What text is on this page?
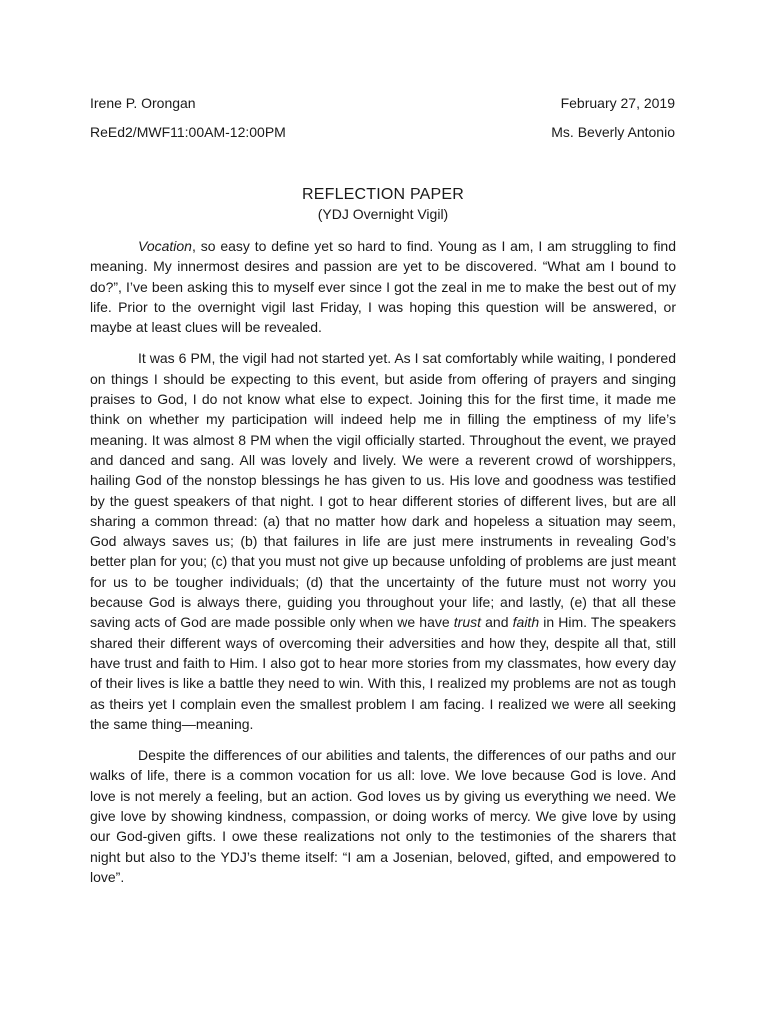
Irene P. Orongan	February 27, 2019
ReEd2/MWF11:00AM-12:00PM	Ms. Beverly Antonio

REFLECTION PAPER

(YDJ Overnight Vigil)

Vocation, so easy to define yet so hard to find. Young as I am, I am struggling to find meaning. My innermost desires and passion are yet to be discovered. “What am I bound to do?”, I’ve been asking this to myself ever since I got the zeal in me to make the best out of my life. Prior to the overnight vigil last Friday, I was hoping this question will be answered, or maybe at least clues will be revealed.

It was 6 PM, the vigil had not started yet. As I sat comfortably while waiting, I pondered on things I should be expecting to this event, but aside from offering of prayers and singing praises to God, I do not know what else to expect. Joining this for the first time, it made me think on whether my participation will indeed help me in filling the emptiness of my life’s meaning. It was almost 8 PM when the vigil officially started. Throughout the event, we prayed and danced and sang. All was lovely and lively. We were a reverent crowd of worshippers, hailing God of the nonstop blessings he has given to us. His love and goodness was testified by the guest speakers of that night. I got to hear different stories of different lives, but are all sharing a common thread: (a) that no matter how dark and hopeless a situation may seem, God always saves us; (b) that failures in life are just mere instruments in revealing God’s better plan for you; (c) that you must not give up because unfolding of problems are just meant for us to be tougher individuals; (d) that the uncertainty of the future must not worry you because God is always there, guiding you throughout your life; and lastly, (e) that all these saving acts of God are made possible only when we have trust and faith in Him. The speakers shared their different ways of overcoming their adversities and how they, despite all that, still have trust and faith to Him. I also got to hear more stories from my classmates, how every day of their lives is like a battle they need to win. With this, I realized my problems are not as tough as theirs yet I complain even the smallest problem I am facing. I realized we were all seeking the same thing—meaning.

Despite the differences of our abilities and talents, the differences of our paths and our walks of life, there is a common vocation for us all: love. We love because God is love. And love is not merely a feeling, but an action. God loves us by giving us everything we need. We give love by showing kindness, compassion, or doing works of mercy. We give love by using our God-given gifts. I owe these realizations not only to the testimonies of the sharers that night but also to the YDJ’s theme itself: “I am a Josenian, beloved, gifted, and empowered to love”.
